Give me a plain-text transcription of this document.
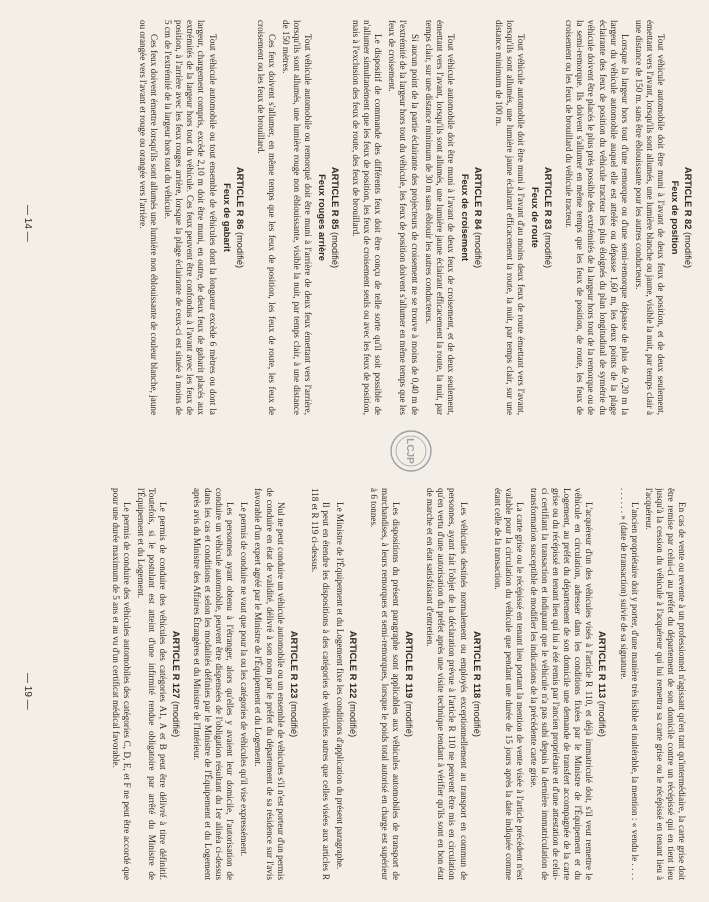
ARTICLE R 82 (modifié)
Feux de position

Tout véhicule automobile doit être muni à l'avant de deux feux de position, et de deux seulement, émettant vers l'avant, lorsqu'ils sont allumés, une lumière blanche ou jaune, visible la nuit, par temps clair à une distance de 150 m. sans être éblouissante pour les autres conducteurs.

Lorsque la largeur hors tout d'une remorque ou d'une semi-remorque dépasse de plus de 0,20 m la largeur du véhicule automobile auquel elle est attelée ou dépasse 1,60 m, les deux points de la plage éclairante des feux de position du véhicule tracteur les plus éloignés du plan longitudinal de symétrie du véhicule doivent être placés le plus près possible des extrémités de la largeur hors tout de la remorque ou de la semi-remorque. Ils doivent s'allumer en même temps que les feux de position, de route, les feux de croisement ou les feux de brouillard du véhicule tracteur.

ARTICLE R 83 (modifié)
Feux de route

Tout véhicule automobile doit être muni à l'avant d'au moins deux feux de route émettant vers l'avant, lorsqu'ils sont allumés, une lumière jaune éclairant efficacement la route, la nuit, par temps clair, sur une distance minimum de 100 m.

ARTICLE R 84 (modifié)
Feux de croisement

Tout véhicule automobile doit être muni à l'avant de deux feux de croisement, et de deux seulement, émettant vers l'avant, lorsqu'ils sont allumés, une lumière jaune éclairant efficacement la route, la nuit, par temps clair, sur une distance minimum de 30 m sans éblouir les autres conducteurs.

Si aucun point de la partie éclairante des projecteurs de croisement ne se trouve à moins de 0,40 m de l'extrémité de la largeur hors tout du véhicule, les feux de position doivent s'allumer en même temps que les feux de croisement.

Le dispositif de commande des différents feux doit être conçu de telle sorte qu'il soit possible de n'allumer simultanément que les feux de position, les feux de croisement seuls ou avec les feux de position, mais à l'exclusion des feux de route, des feux de brouillard.

ARTICLE R 85 (modifié)
Feux rouges arrière

Tout véhicule automobile ou remorqué doit être muni à l'arrière de deux feux émettant vers l'arrière, lorsqu'ils sont allumés, une lumière rouge non éblouissante, visible la nuit, par temps clair, à une distance de 150 mètres.

Ces feux doivent s'allumer, en même temps que les feux de position, les feux de route, les feux de croisement ou les feux de brouillard.

ARTICLE R 86 (modifié)
Feux de gabarit

Tout véhicule automobile ou tout ensemble de véhicules dont la longueur excède 6 mètres ou dont la largeur, chargement compris, excède 2,10 m doit être muni, en outre, de deux feux de gabarit placés aux extrémités de la largeur hors tout du véhicule. Ces feux peuvent être confondus à l'avant avec les feux de position, à l'arrière avec les feux rouges arrière, lorsque la plage éclairante de ceux-ci est située à moins de 5 cm de l'extrémité de la largeur hors tout du véhicule.

Ces feux doivent émettre lorsqu'ils sont allumés une lumière non éblouissante de couleur blanche, jaune ou orangée vers l'avant et rouge ou orangée vers l'arrière.

— 14 —
LCJP

En cas de vente ou revente à un professionnel n'agissant qu'en tant qu'intermédiaire, la carte grise doit être remise par celui-ci au préfet du département de son domicile contre un récépissé qui en tient lieu jusqu'à la cession du véhicule à l'acquéreur qui lui remettra sa carte grise ou le récépissé en tenant lieu à l'acquéreur.

L'ancien propriétaire doit y porter, d'une manière très lisible et inaltérable, la mention : « vendu le . . . . . . . . . . » (date de transaction) suivie de sa signature.

ARTICLE R 113 (modifié)

L'acquéreur d'un des véhicules visés à l'article R 110, et déjà immatriculé doit, s'il veut remettre le véhicule en circulation, adresser dans les conditions fixées par le Ministre de l'Équipement et du Logement, au préfet du département de son domicile une demande de transfert accompagnée de la carte grise ou du récépissé en tenant lieu qui lui a été remis par l'ancien propriétaire et d'une attestation de celui-ci certifiant la transaction et indiquant que le véhicule n'a pas subi depuis la dernière immatriculation de transformation susceptible de modifier les indications de la précédente carte grise.

La carte grise ou le récépissé en tenant lieu portant la mention de vente visée à l'article précédent n'est valable pour la circulation du véhicule que pendant une durée de 15 jours après la date indiquée comme étant celle de la transaction.

ARTICLE R 118 (modifié)

Les véhicules destinés normalement ou employés exceptionnellement au transport en commun de personnes, ayant fait l'objet de la déclaration prévue à l'article R 110 ne peuvent être mis en circulation qu'en vertu d'une autorisation du préfet après une visite technique tendant à vérifier qu'ils sont en bon état de marche et en état satisfaisant d'entretien.

ARTICLE R 119 (modifié)

Les dispositions du présent paragraphe sont applicables aux véhicules automobiles de transport de marchandises, à leurs remorques et semi-remorques, lorsque le poids total autorisé en charge est supérieur à 6 tonnes.

ARTICLE R 122 (modifié)

Le Ministre de l'Équipement et du Logement fixe les conditions d'application du présent paragraphe.

Il peut en étendre les dispositions à des catégories de véhicules autres que celles visées aux articles R 118 et R 119 ci-dessus.

ARTICLE R 123 (modifié)

Nul ne peut conduire un véhicule automobile ou un ensemble de véhicules s'il n'est porteur d'un permis de conduire en état de validité, délivré à son nom par le préfet du département de sa résidence sur l'avis favorable d'un expert agréé par le Ministre de l'Équipement et du Logement.

Le permis de conduire ne vaut que pour la ou les catégories de véhicules qu'il vise expressément.

Les personnes ayant obtenu à l'étranger, alors qu'elles y avaient leur domicile, l'autorisation de conduire un véhicule automobile, peuvent être dispensées de l'obligation résultant du 1er alinéa ci-dessus dans les cas et conditions et selon les modalités définies par le Ministre de l'Équipement et du Logement après avis du Ministre des Affaires Étrangères et du Ministre de l'Intérieur.

ARTICLE R 127 (modifié)

Le permis de conduire des véhicules des catégories A1, A et B peut être délivré à titre définitif. Toutefois, si le postulant est atteint d'une infirmité rendue obligatoire par arrêté du Ministre de l'Équipement et du Logement.

Le permis de conduire des véhicules automobiles des catégories C, D, E, et F ne peut être accordé que pour une durée maximum de 5 ans et au vu d'un certificat médical favorable.

— 19 —
